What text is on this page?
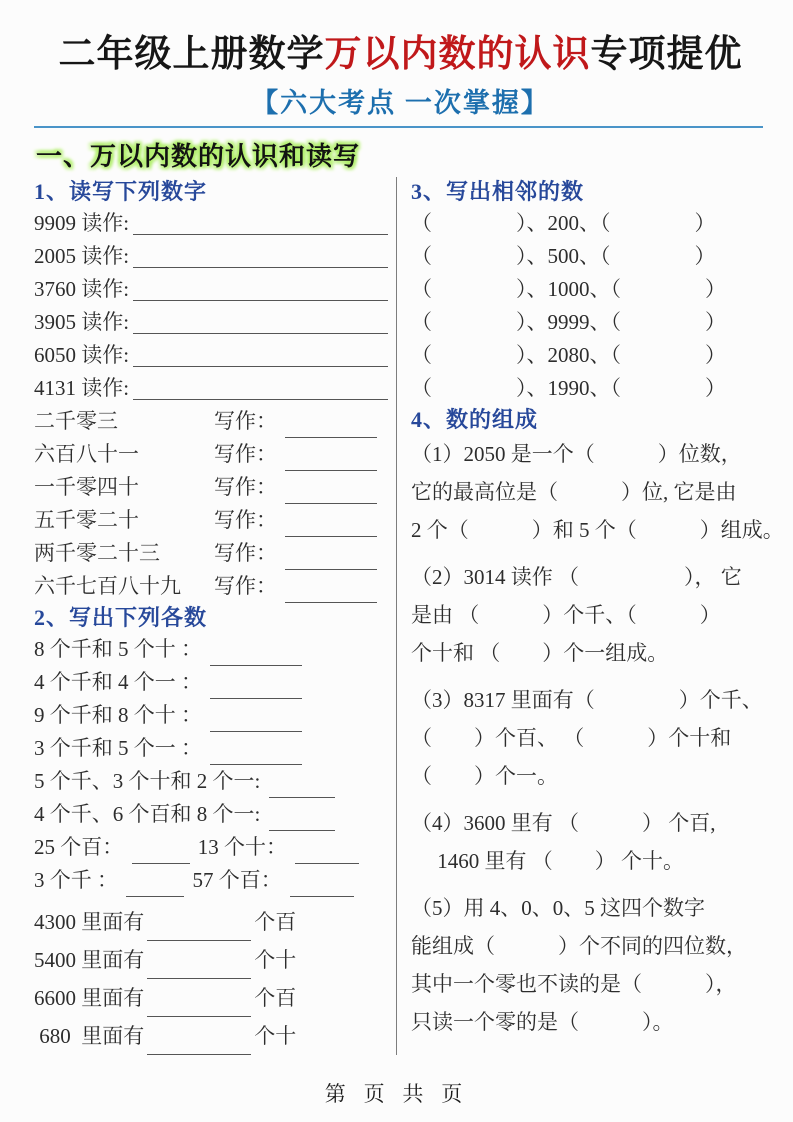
二年级上册数学万以内数的认识专项提优
【六大考点 一次掌握】
一、万以内数的认识和读写
1、读写下列数字
9909 读作:
2005 读作:
3760 读作:
3905 读作:
6050 读作:
4131 读作:
二千零三	写作：
六百八十一	写作：
一千零四十	写作：
五千零二十	写作：
两千零二十三	写作：
六千七百八十九	写作：
2、写出下列各数
8 个千和 5 个十 ：
4 个千和 4 个一 ：
9 个千和 8 个十 ：
3 个千和 5 个一 ：
5 个千、3 个十和 2 个一:
4 个千、6 个百和 8 个一:
25 个百：	13 个十：
3 个千 ：	57 个百：
4300 里面有	个百
5400 里面有	个十
6600 里面有	个百
680  里面有	个十
3、写出相邻的数
（　　　　）、200、（　　　　）
（　　　　）、500、（　　　　）
（　　　　）、1000、（　　　　）
（　　　　）、9999、（　　　　）
（　　　　）、2080、（　　　　）
（　　　　）、1990、（　　　　）
4、数的组成
（1）2050 是一个（　　　）位数，
它的最高位是（　　　）位, 它是由
2 个（　　　）和 5 个（　　　）组成。
（2）3014 读作 （　　　　　）， 它
是由 （　　　）个千、（　　　）
个十和 （　　）个一组成。
（3）8317 里面有（　　　　）个千、
（　　）个百、 （　　　）个十和
（　　）个一。
（4）3600 里有 （　　　） 个百,
　 1460 里有 （　　） 个十。
（5）用 4、0、0、5 这四个数字
能组成（　　　）个不同的四位数，
其中一个零也不读的是（　　　），
只读一个零的是（　　　）。
第 页 共 页
